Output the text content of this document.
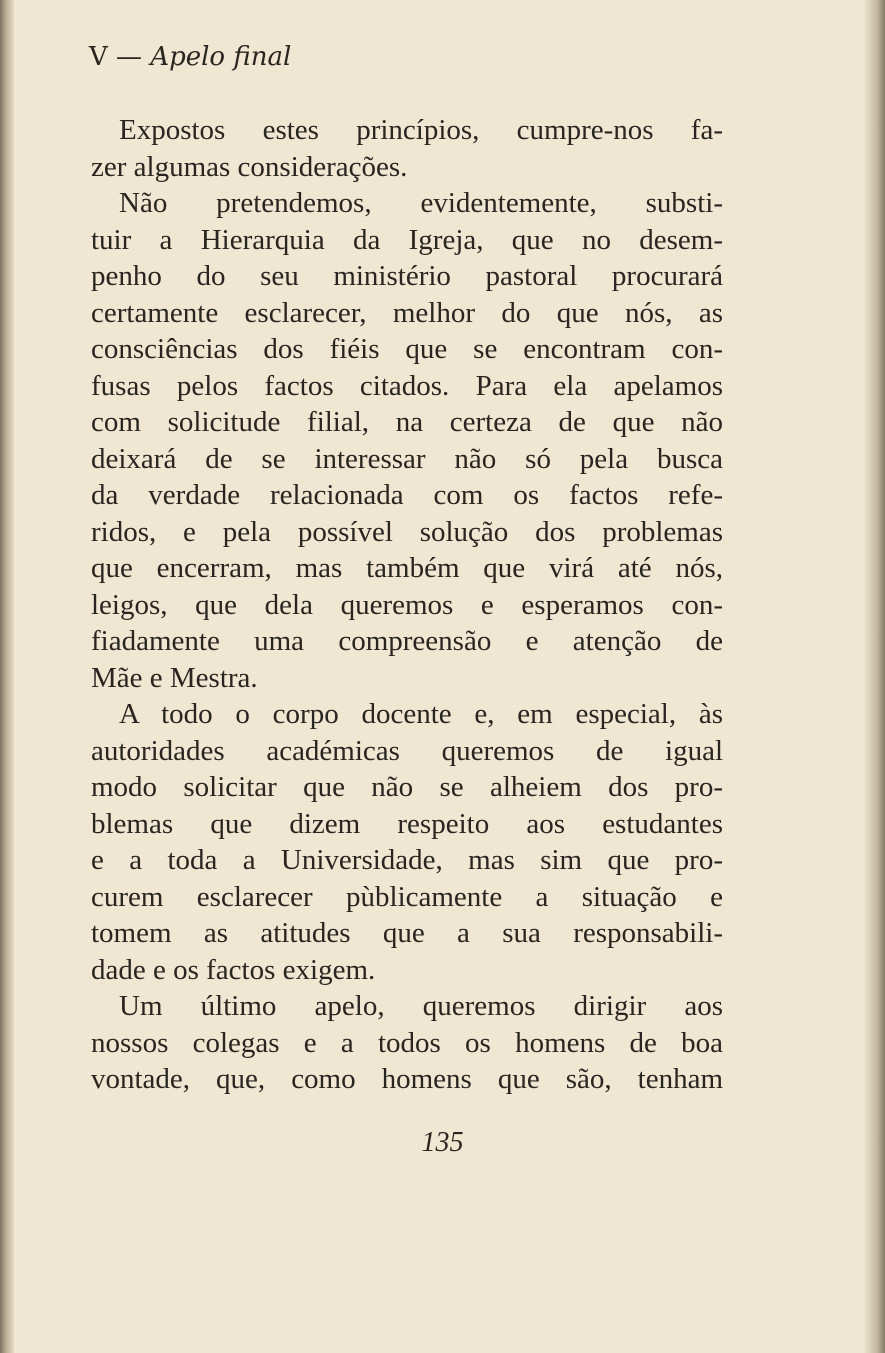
V — Apelo final
Expostos estes princípios, cumpre-nos fa-
zer algumas considerações.
Não pretendemos, evidentemente, substi-
tuir a Hierarquia da Igreja, que no desem-
penho do seu ministério pastoral procurará
certamente esclarecer, melhor do que nós, as
consciências dos fiéis que se encontram con-
fusas pelos factos citados. Para ela apelamos
com solicitude filial, na certeza de que não
deixará de se interessar não só pela busca
da verdade relacionada com os factos refe-
ridos, e pela possível solução dos problemas
que encerram, mas também que virá até nós,
leigos, que dela queremos e esperamos con-
fiadamente uma compreensão e atenção de
Mãe e Mestra.
A todo o corpo docente e, em especial, às
autoridades académicas queremos de igual
modo solicitar que não se alheiem dos pro-
blemas que dizem respeito aos estudantes
e a toda a Universidade, mas sim que pro-
curem esclarecer pùblicamente a situação e
tomem as atitudes que a sua responsabili-
dade e os factos exigem.
Um último apelo, queremos dirigir aos
nossos colegas e a todos os homens de boa
vontade, que, como homens que são, tenham
135
